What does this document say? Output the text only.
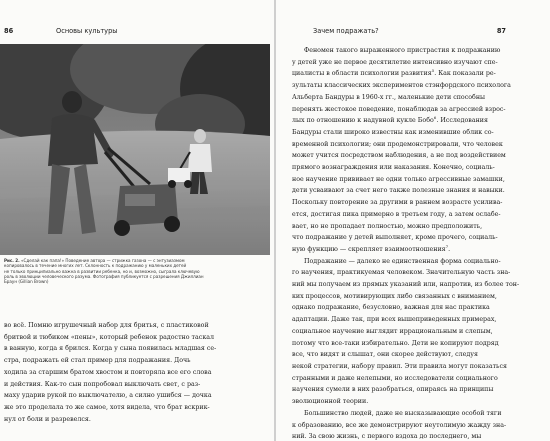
86	Основы культуры
Рис. 2. «Сделай как папа!» Поведение автора — стрижка газона — с энтузиазмом
копировалось в течение многих лет. Склонность к подражанию у маленьких детей
не только принципиально важна в развитии ребенка, но и, возможно, сыграла ключевую
роль в эволюции человеческого разума. Фотография публикуется с разрешения Джиллиан
Браун (Gillian Brown)
во всё. Помню игрушечный набор для бритья, с пластиковой
бритвой и тюбиком «пены», который ребенок радостно таскал
в ванную, когда я брился. Когда у сына появилась младшая се-
стра, подражать ей стал пример для подражания. Дочь
ходила за старшим братом хвостом и повторяла все его слова
и действия. Как-то сын попробовал выключать свет, с раз-
маху ударив рукой по выключателю, а силно ушибся — дочка
же это проделала то же самое, хотя видела, что брат вскрик-
нул от боли и разревелся.
Зачем подражать?	87
Феномен такого выраженного пристрастия к подражанию
у детей уже не первое десятилетие интенсивно изучают спе-
циалисты в области психологии развития$^5$. Как показали ре-
зультаты классических экспериментов стэнфордского психолога
Альберта Бандуры в 1960-х гг., маленькие дети способны
перенять жестокое поведение, понаблюдав за агрессией взрос-
лых по отношению к надувной кукле Бобо$^6$. Исследования
Бандуры стали широко известны как изменившие облик со-
временной психологии; они продемонстрировали, что человек
может учится посредством наблюдения, а не под воздействием
прямого вознаграждения или наказания. Конечно, социаль-
ное научение прививает не одни только агрессивные замашки,
дети усваивают за счет него также полезные знания и навыки.
Поскольку повторение за другими в раннем возрасте усилива-
ется, достигая пика примерно в третьем году, а затем ослабе-
вает, но не пропадает полностью, можно предположить,
что подражание у детей выполняет, кроме прочего, социаль-
ную функцию — скрепляет взаимоотношения$^7$.
Подражание — далеко не единственная форма социально-
го научения, практикуемая человеком. Значительную часть зна-
ний мы получаем из прямых указаний или, напротив, из более тон-
ких процессов, мотивирующих либо связанных с вниманием,
однако подражание, безусловно, важная для нас практика
адаптации. Даже так, при всех вышеприведенных примерах,
социальное научение выглядит иррациональным и слепым,
потому что все-таки избирательно. Дети не копируют подряд
все, что видят и слышат, они скорее действуют, следуя
некой стратегии, набору правил. Эти правила могут показаться
странными и даже нелепыми, но исследователи социального
научения сумели в них разобраться, опираясь на принципы
эволюционной теории.
Большинство людей, даже не высказывающие особой тяги
к образованию, все же демонстрируют неутолимую жажду зна-
ний. За свою жизнь, с первого вздоха до последнего, мы
